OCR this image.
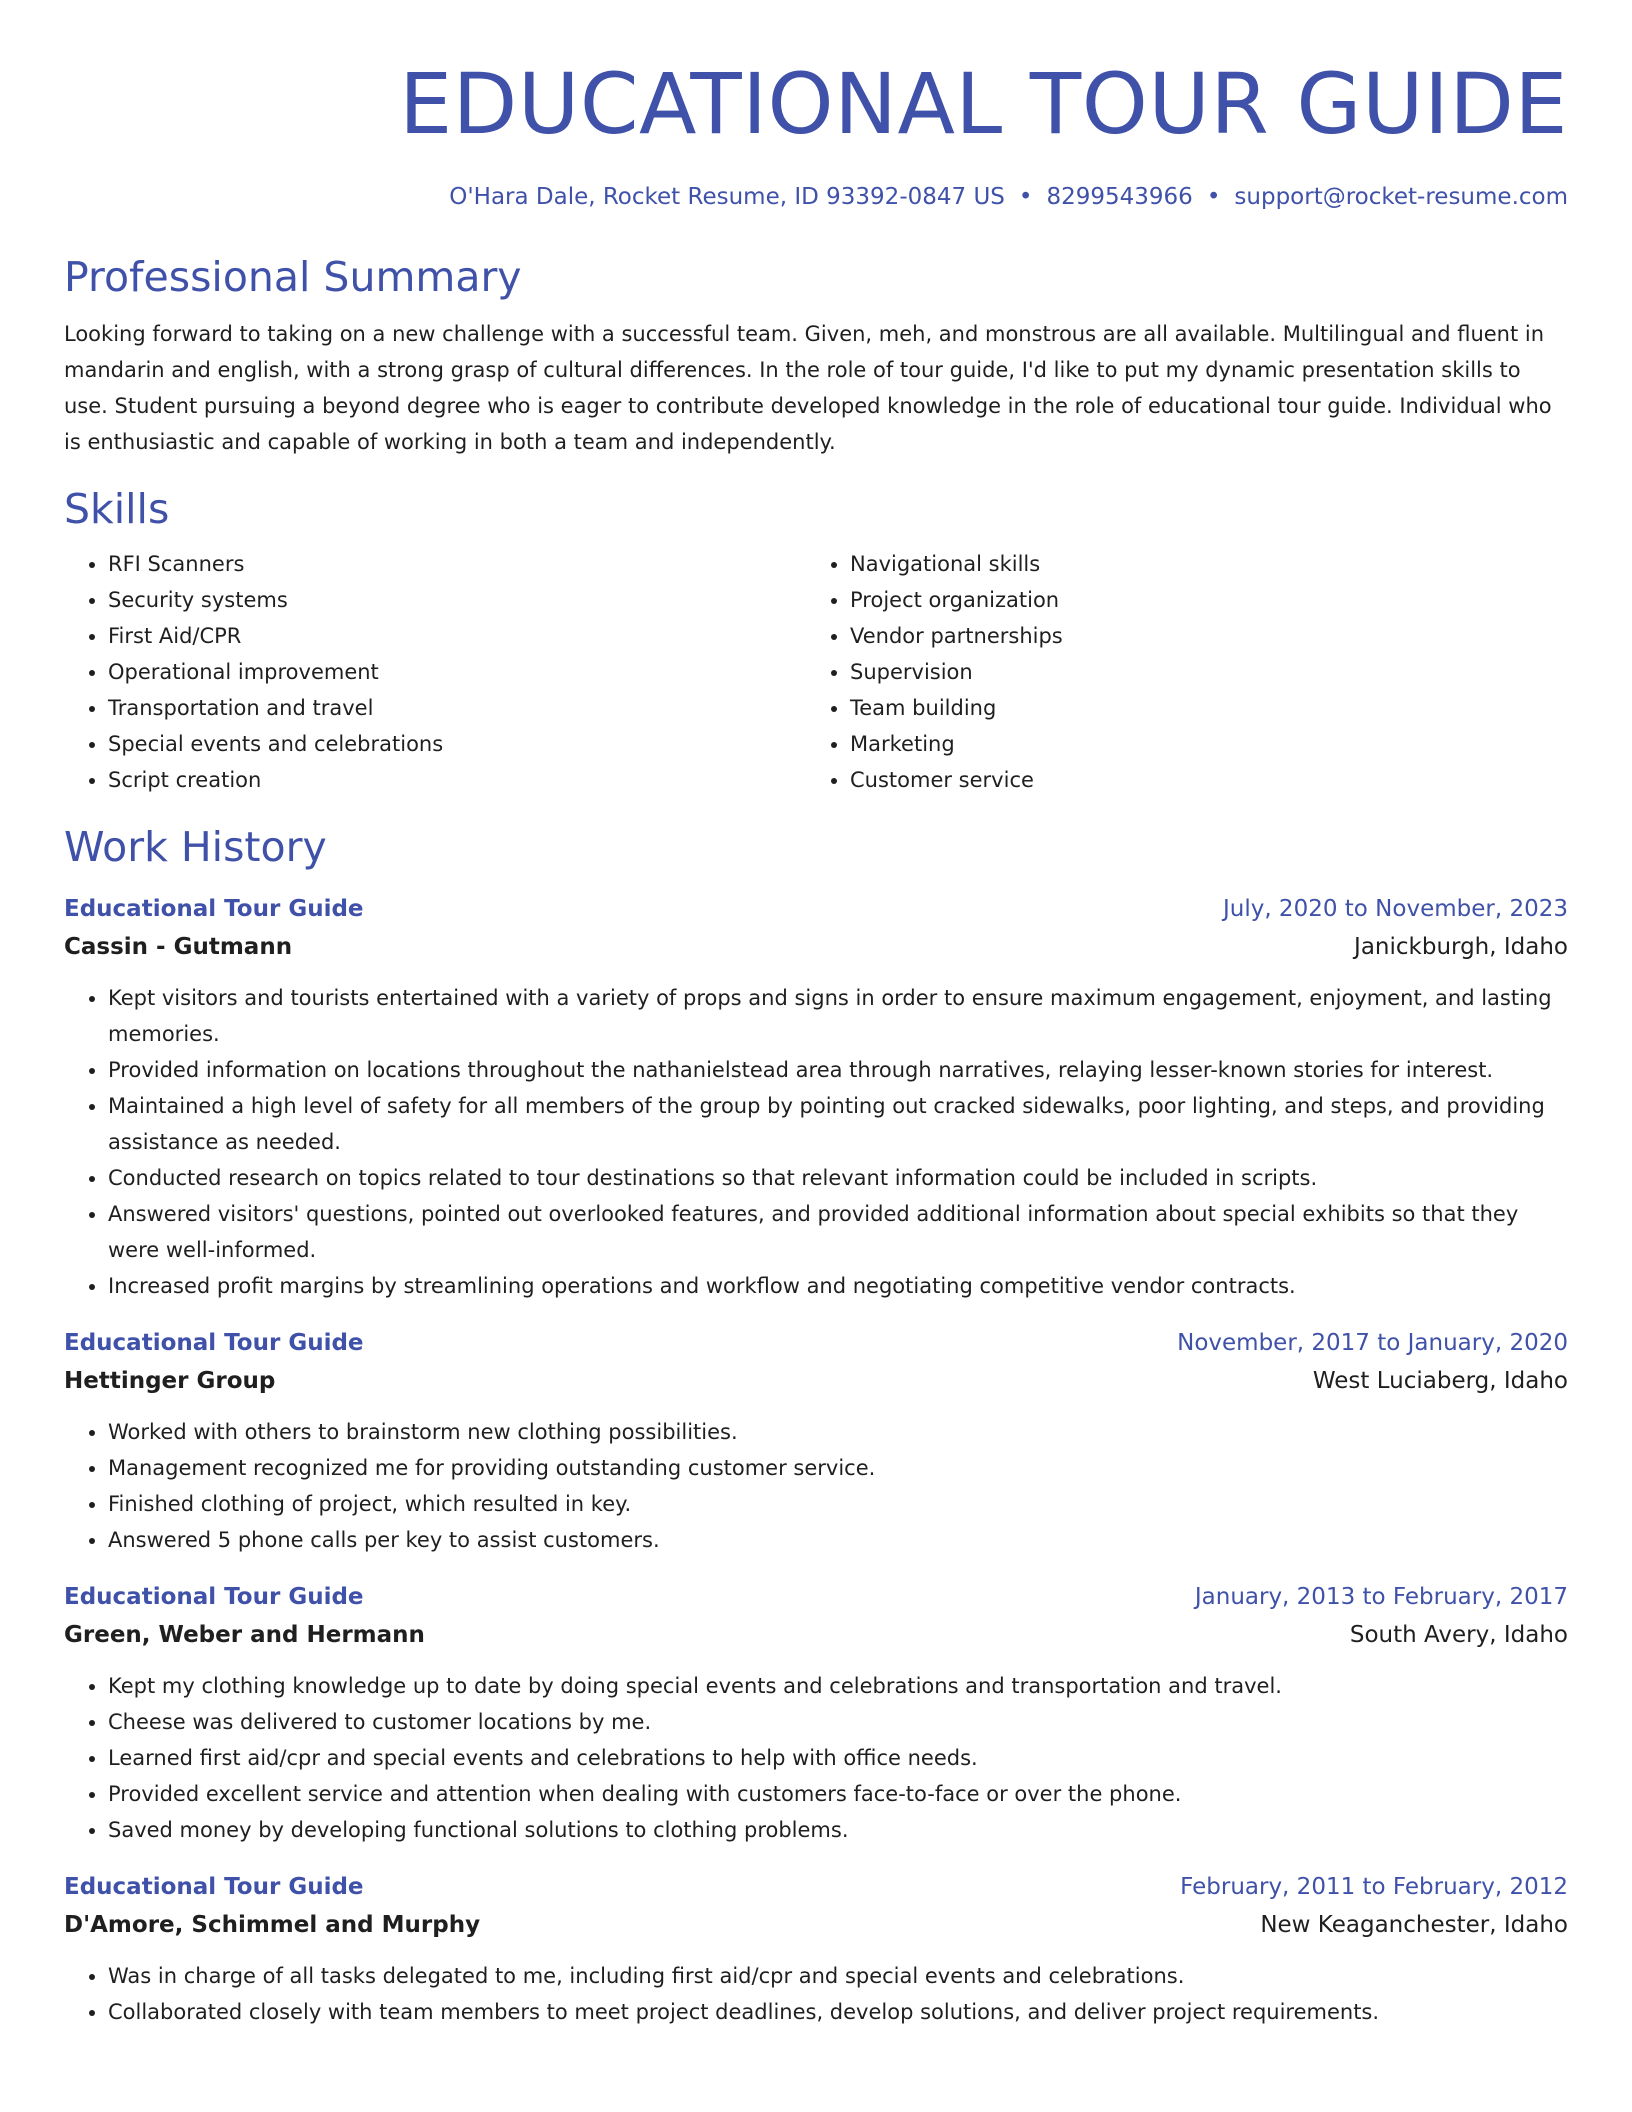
EDUCATIONAL TOUR GUIDE
O'Hara Dale, Rocket Resume, ID 93392-0847 US • 8299543966 • support@rocket-resume.com
Professional Summary

Looking forward to taking on a new challenge with a successful team. Given, meh, and monstrous are all available. Multilingual and fluent in mandarin and english, with a strong grasp of cultural differences. In the role of tour guide, I'd like to put my dynamic presentation skills to use. Student pursuing a beyond degree who is eager to contribute developed knowledge in the role of educational tour guide. Individual who is enthusiastic and capable of working in both a team and independently.

Skills
• RFI Scanners
• Security systems
• First Aid/CPR
• Operational improvement
• Transportation and travel
• Special events and celebrations
• Script creation
• Navigational skills
• Project organization
• Vendor partnerships
• Supervision
• Team building
• Marketing
• Customer service
Work History
Educational Tour Guide	July, 2020 to November, 2023
Cassin - Gutmann	Janickburgh, Idaho
• Kept visitors and tourists entertained with a variety of props and signs in order to ensure maximum engagement, enjoyment, and lasting memories.
• Provided information on locations throughout the nathanielstead area through narratives, relaying lesser-known stories for interest.
• Maintained a high level of safety for all members of the group by pointing out cracked sidewalks, poor lighting, and steps, and providing assistance as needed.
• Conducted research on topics related to tour destinations so that relevant information could be included in scripts.
• Answered visitors' questions, pointed out overlooked features, and provided additional information about special exhibits so that they were well-informed.
• Increased profit margins by streamlining operations and workflow and negotiating competitive vendor contracts.
Educational Tour Guide	November, 2017 to January, 2020
Hettinger Group	West Luciaberg, Idaho
• Worked with others to brainstorm new clothing possibilities.
• Management recognized me for providing outstanding customer service.
• Finished clothing of project, which resulted in key.
• Answered 5 phone calls per key to assist customers.
Educational Tour Guide	January, 2013 to February, 2017
Green, Weber and Hermann	South Avery, Idaho
• Kept my clothing knowledge up to date by doing special events and celebrations and transportation and travel.
• Cheese was delivered to customer locations by me.
• Learned first aid/cpr and special events and celebrations to help with office needs.
• Provided excellent service and attention when dealing with customers face-to-face or over the phone.
• Saved money by developing functional solutions to clothing problems.
Educational Tour Guide	February, 2011 to February, 2012
D'Amore, Schimmel and Murphy	New Keaganchester, Idaho
• Was in charge of all tasks delegated to me, including first aid/cpr and special events and celebrations.
• Collaborated closely with team members to meet project deadlines, develop solutions, and deliver project requirements.
